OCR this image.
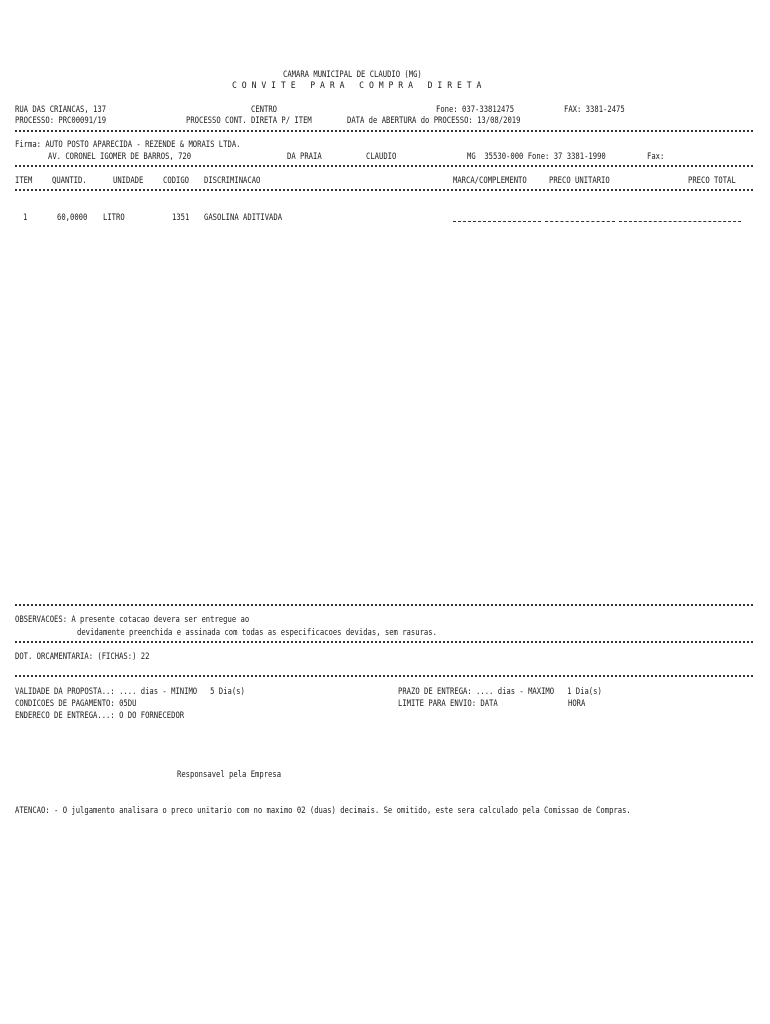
CAMARA MUNICIPAL DE CLAUDIO (MG)
C O N V I T E   P A R A   C O M P R A   D I R E T A
RUA DAS CRIANCAS, 137	CENTRO	Fone: 037-33812475	FAX: 3381-2475
PROCESSO: PRC00091/19	PROCESSO CONT. DIRETA P/ ITEM	DATA de ABERTURA do PROCESSO: 13/08/2019
Firma: AUTO POSTO APARECIDA - REZENDE & MORAIS LTDA.
AV. CORONEL IGOMER DE BARROS, 720	DA PRAIA	CLAUDIO	MG  35530-000 Fone: 37 3381-1990	Fax:
ITEM QUANTID.	UNIDADE CODIGO DISCRIMINACAO	MARCA/COMPLEMENTO	PRECO UNITARIO	PRECO TOTAL
1	60,0000 LITRO	1351 GASOLINA ADITIVADA
OBSERVACOES: A presente cotacao devera ser entregue ao
devidamente preenchida e assinada com todas as especificacoes devidas, sem rasuras.
DOT. ORCAMENTARIA: (FICHAS:) 22
VALIDADE DA PROPOSTA..: .... dias - MINIMO   5 Dia(s)
CONDICOES DE PAGAMENTO: 05DU
ENDERECO DE ENTREGA...: O DO FORNECEDOR
PRAZO DE ENTREGA: .... dias - MAXIMO   1 Dia(s)
LIMITE PARA ENVIO: DATA	HORA
Responsavel pela Empresa
ATENCAO: - O julgamento analisara o preco unitario com no maximo 02 (duas) decimais. Se omitido, este sera calculado pela Comissao de Compras.
